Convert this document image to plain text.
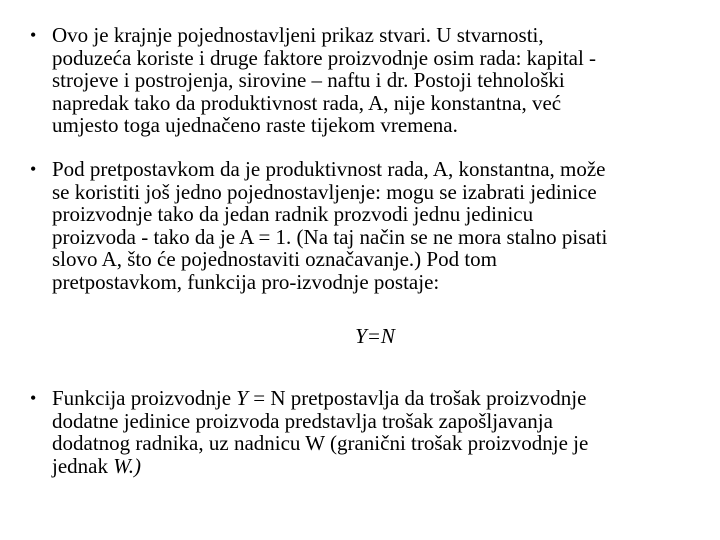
• Ovo je krajnje pojednostavljeni prikaz stvari. U stvarnosti,
poduzeća koriste i druge faktore proizvodnje osim rada: kapital -
strojeve i postrojenja, sirovine – naftu i dr. Postoji tehnološki
napredak tako da produktivnost rada, A, nije konstantna, već
umjesto toga ujednačeno raste tijekom vremena.
• Pod pretpostavkom da je produktivnost rada, A, konstantna, može
se koristiti još jedno pojednostavljenje: mogu se izabrati jedinice
proizvodnje tako da jedan radnik prozvodi jednu jedinicu
proizvoda - tako da je A = 1. (Na taj način se ne mora stalno pisati
slovo A, što će pojednostaviti označavanje.) Pod tom
pretpostavkom, funkcija pro-izvodnje postaje:
Y=N
• Funkcija proizvodnje Y = N pretpostavlja da trošak proizvodnje
dodatne jedinice proizvoda predstavlja trošak zapošljavanja
dodatnog radnika, uz nadnicu W (granični trošak proizvodnje je
jednak W.)
